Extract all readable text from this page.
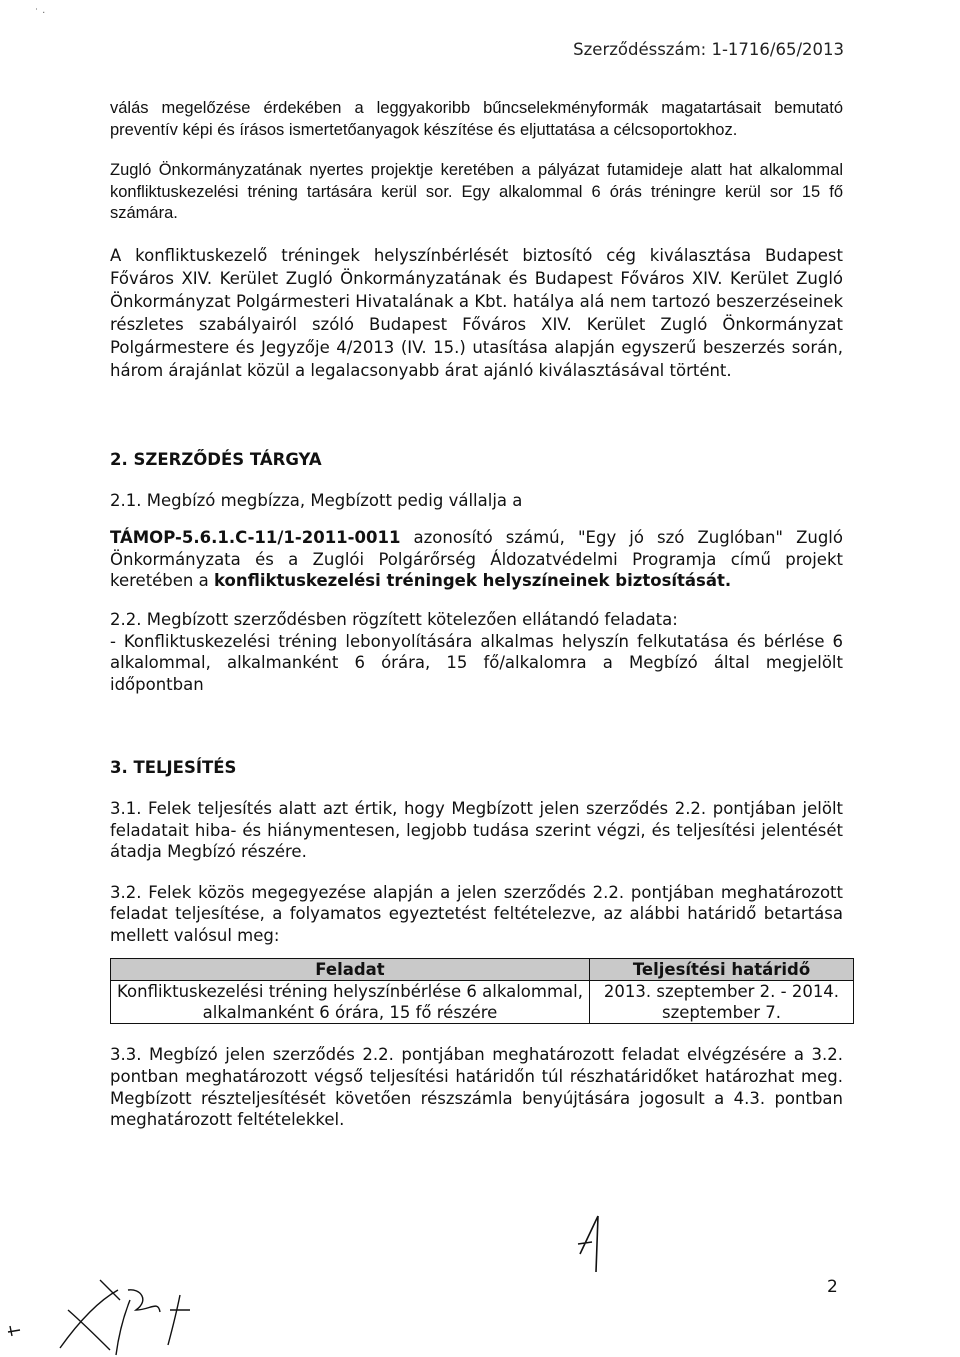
˙ ·
Szerződésszám: 1-1716/65/2013

válás megelőzése érdekében a leggyakoribb bűncselekményformák magatartásait bemutató preventív képi és írásos ismertetőanyagok készítése és eljuttatása a célcsoportokhoz.

Zugló Önkormányzatának nyertes projektje keretében a pályázat futamideje alatt hat alkalommal konfliktuskezelési tréning tartására kerül sor. Egy alkalommal 6 órás tréningre kerül sor 15 fő számára.

A konfliktuskezelő tréningek helyszínbérlését biztosító cég kiválasztása Budapest Főváros XIV. Kerület Zugló Önkormányzatának és Budapest Főváros XIV. Kerület Zugló Önkormányzat Polgármesteri Hivatalának a Kbt. hatálya alá nem tartozó beszerzéseinek részletes szabályairól szóló Budapest Főváros XIV. Kerület Zugló Önkormányzat Polgármestere és Jegyzője 4/2013 (IV. 15.) utasítása alapján egyszerű beszerzés során, három árajánlat közül a legalacsonyabb árat ajánló kiválasztásával történt.

2. SZERZŐDÉS TÁRGYA

2.1. Megbízó megbízza, Megbízott pedig vállalja a

TÁMOP-5.6.1.C-11/1-2011-0011 azonosító számú, "Egy jó szó Zuglóban" Zugló Önkormányzata és a Zuglói Polgárőrség Áldozatvédelmi Programja című projekt keretében a konfliktuskezelési tréningek helyszíneinek biztosítását.

2.2. Megbízott szerződésben rögzített kötelezően ellátandó feladata:

- Konfliktuskezelési tréning lebonyolítására alkalmas helyszín felkutatása és bérlése 6 alkalommal, alkalmanként 6 órára, 15 fő/alkalomra a Megbízó által megjelölt időpontban

3. TELJESÍTÉS

3.1. Felek teljesítés alatt azt értik, hogy Megbízott jelen szerződés 2.2. pontjában jelölt feladatait hiba- és hiánymentesen, legjobb tudása szerint végzi, és teljesítési jelentését átadja Megbízó részére.

3.2. Felek közös megegyezése alapján a jelen szerződés 2.2. pontjában meghatározott feladat teljesítése, a folyamatos egyeztetést feltételezve, az alábbi határidő betartása mellett valósul meg:

Feladat	Teljesítési határidő
Konfliktuskezelési tréning helyszínbérlése 6 alkalommal, alkalmanként 6 órára, 15 fő részére	2013. szeptember 2. - 2014. szeptember 7.

3.3. Megbízó jelen szerződés 2.2. pontjában meghatározott feladat elvégzésére a 3.2. pontban meghatározott végső teljesítési határidőn túl részhatáridőket határozhat meg. Megbízott részteljesítését követően részszámla benyújtására jogosult a 4.3. pontban meghatározott feltételekkel.

2
